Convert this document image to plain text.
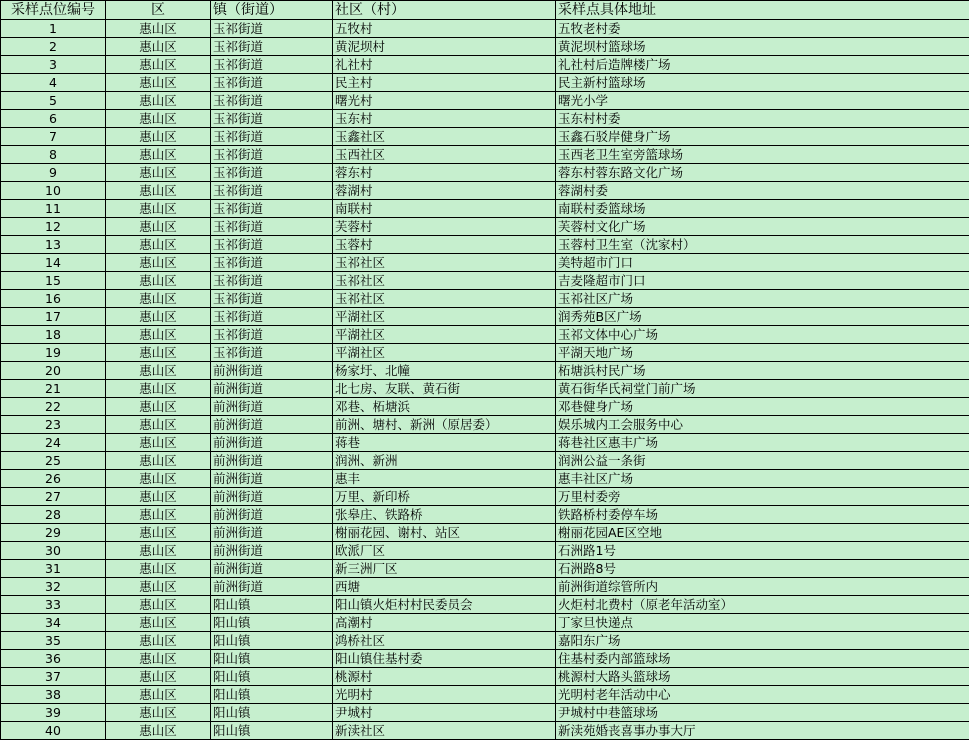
采样点位编号	区	镇（街道）	社区（村）	采样点具体地址
1	惠山区	玉祁街道	五牧村	五牧老村委
2	惠山区	玉祁街道	黄泥坝村	黄泥坝村篮球场
3	惠山区	玉祁街道	礼社村	礼社村后造牌楼广场
4	惠山区	玉祁街道	民主村	民主新村篮球场
5	惠山区	玉祁街道	曙光村	曙光小学
6	惠山区	玉祁街道	玉东村	玉东村村委
7	惠山区	玉祁街道	玉鑫社区	玉鑫石驳岸健身广场
8	惠山区	玉祁街道	玉西社区	玉西老卫生室旁篮球场
9	惠山区	玉祁街道	蓉东村	蓉东村蓉东路文化广场
10	惠山区	玉祁街道	蓉湖村	蓉湖村委
11	惠山区	玉祁街道	南联村	南联村委篮球场
12	惠山区	玉祁街道	芙蓉村	芙蓉村文化广场
13	惠山区	玉祁街道	玉蓉村	玉蓉村卫生室（沈家村）
14	惠山区	玉祁街道	玉祁社区	美特超市门口
15	惠山区	玉祁街道	玉祁社区	吉麦隆超市门口
16	惠山区	玉祁街道	玉祁社区	玉祁社区广场
17	惠山区	玉祁街道	平湖社区	润秀苑B区广场
18	惠山区	玉祁街道	平湖社区	玉祁文体中心广场
19	惠山区	玉祁街道	平湖社区	平湖天地广场
20	惠山区	前洲街道	杨家圩、北幢	柘塘浜村民广场
21	惠山区	前洲街道	北七房、友联、黄石街	黄石街华氏祠堂门前广场
22	惠山区	前洲街道	邓巷、柘塘浜	邓巷健身广场
23	惠山区	前洲街道	前洲、塘村、新洲（原居委）	娱乐城内工会服务中心
24	惠山区	前洲街道	蒋巷	蒋巷社区惠丰广场
25	惠山区	前洲街道	润洲、新洲	润洲公益一条街
26	惠山区	前洲街道	惠丰	惠丰社区广场
27	惠山区	前洲街道	万里、新印桥	万里村委旁
28	惠山区	前洲街道	张皋庄、铁路桥	铁路桥村委停车场
29	惠山区	前洲街道	榭丽花园、谢村、站区	榭丽花园AE区空地
30	惠山区	前洲街道	欧派厂区	石洲路1号
31	惠山区	前洲街道	新三洲厂区	石洲路8号
32	惠山区	前洲街道	西塘	前洲街道综管所内
33	惠山区	阳山镇	阳山镇火炬村村民委员会	火炬村北费村（原老年活动室）
34	惠山区	阳山镇	高潮村	丁家旦快递点
35	惠山区	阳山镇	鸿桥社区	嘉阳东广场
36	惠山区	阳山镇	阳山镇住基村委	住基村委内部篮球场
37	惠山区	阳山镇	桃源村	桃源村大路头篮球场
38	惠山区	阳山镇	光明村	光明村老年活动中心
39	惠山区	阳山镇	尹城村	尹城村中巷篮球场
40	惠山区	阳山镇	新渎社区	新渎苑婚丧喜事办事大厅
